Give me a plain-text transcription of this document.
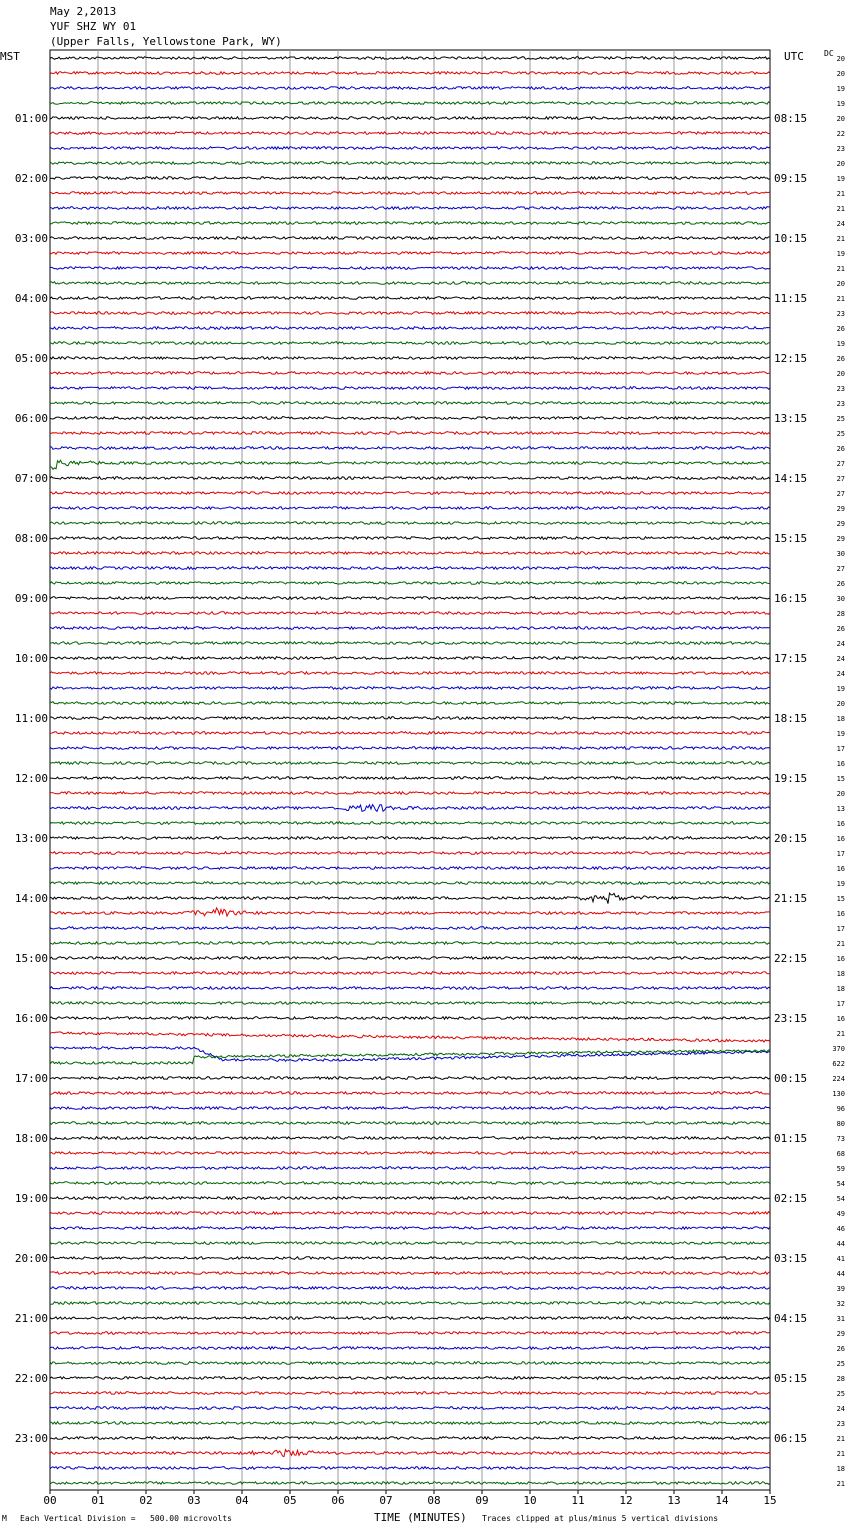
May 2,2013
YUF SHZ WY 01
(Upper Falls, Yellowstone Park, WY)
MST	UTC	DC
00	01	02	03	04	05	06	07	08	09	10	11	12	13	14	15
20
20
19
19
20
01:00	08:15
22
23
20
19
02:00	09:15
21
21
24
21
03:00	10:15
19
21
20
21
04:00	11:15
23
26
19
26
05:00	12:15
20
23
23
25
06:00	13:15
25
26
27
27
07:00	14:15
27
29
29
29
08:00	15:15
30
27
26
30
09:00	16:15
28
26
24
24
10:00	17:15
24
19
20
18
11:00	18:15
19
17
16
15
12:00	19:15
20
13
16
16
13:00	20:15
17
16
19
15
14:00	21:15
16
17
21
16
15:00	22:15
18
18
17
16
16:00	23:15
21
370
622
224
17:00	00:15
130
96
80
73
18:00	01:15
68
59
54
54
19:00	02:15
49
46
44
41
20:00	03:15
44
39
32
31
21:00	04:15
29
26
25
28
22:00	05:15
25
24
23
21
23:00	06:15
21
18
21
TIME (MINUTES)
M Each Vertical Division =   500.00 microvolts	Traces clipped at plus/minus 5 vertical divisions
